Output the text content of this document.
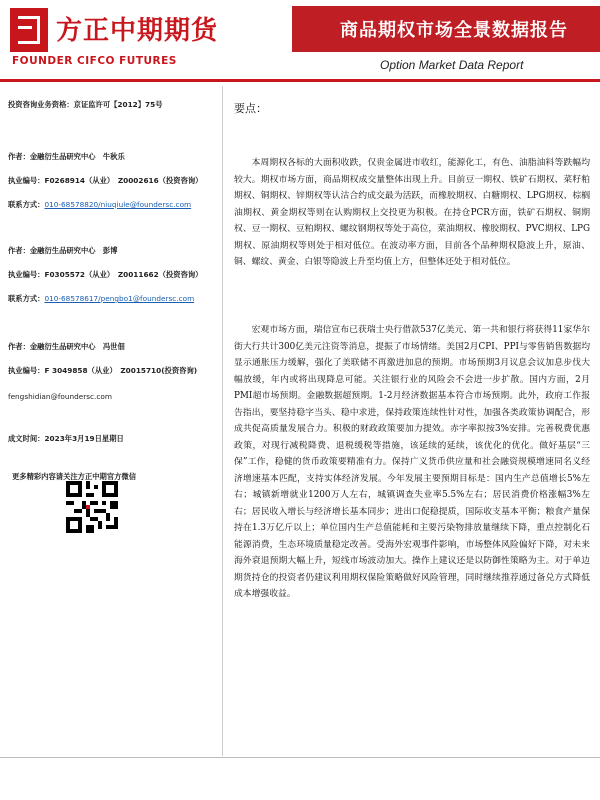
方正中期期货
FOUNDER CIFCO FUTURES
商品期权市场全景数据报告
Option Market Data Report
投资咨询业务资格：京证监许可【2012】75号
作者：金融衍生品研究中心　牛秋乐
执业编号：F0268914（从业）　Z0002616（投资咨询）
联系方式：010-68578820/niuqiule@foundersc.com
作者：金融衍生品研究中心　彭博
执业编号：F0305572（从业）　Z0011662（投资咨询）
联系方式：010-68578617/pengbo1@foundersc.com
作者：金融衍生品研究中心　冯世佃
执业编号：F 3049858（从业）　Z0015710(投资咨询)
fengshidian@foundersc.com
成文时间：2023年3月19日星期日
更多精彩内容请关注方正中期官方微信
要点：

本周期权各标的大面积收跌，仅贵金属进市收红，能源化工，有色、油脂油料等跌幅均较大。期权市场方面，商品期权成交量整体出现上升。目前豆一期权、铁矿石期权、菜籽粕期权、铜期权、锌期权等认沽合约成交最为活跃，而橡胶期权、白糖期权、LPG期权、棕榈油期权、黄金期权等则在认购期权上交投更为积极。在持仓PCR方面，铁矿石期权、铜期权、豆一期权、豆粕期权、螺纹钢期权等处于高位，菜油期权、橡胶期权、PVC期权、LPG期权、原油期权等则处于相对低位。在波动率方面，目前各个品种期权隐波上升，原油、铜、螺纹、黄金、白银等隐波上升至均值上方，但整体还处于相对低位。

宏观市场方面，瑞信宣布已获瑞士央行借款537亿美元、第一共和银行将获得11家华尔街大行共计300亿美元注资等消息，提振了市场情绪。美国2月CPI、PPI与零售销售数据均显示通胀压力缓解，强化了美联储不再激进加息的预期。市场预期3月议息会议加息步伐大幅放缓，年内或将出现降息可能。关注银行业的风险会不会进一步扩散。国内方面，2月PMI超市场预期。金融数据超预期。1-2月经济数据基本符合市场预期。此外，政府工作报告指出，要坚持稳字当头、稳中求进，保持政策连续性针对性，加强各类政策协调配合，形成共促高质量发展合力。积极的财政政策要加力提效。赤字率拟按3%安排。完善税费优惠政策，对现行减税降费、退税缓税等措施，该延续的延续，该优化的优化。做好基层“三保”工作，稳健的货币政策要精准有力。保持广义货币供应量和社会融资规模增速同名义经济增速基本匹配，支持实体经济发展。今年发展主要预期目标是：国内生产总值增长5%左右；城镇新增就业1200万人左右，城镇调查失业率5.5%左右；居民消费价格涨幅3%左右；居民收入增长与经济增长基本同步；进出口促稳提质，国际收支基本平衡；粮食产量保持在1.3万亿斤以上；单位国内生产总值能耗和主要污染物排放量继续下降，重点控制化石能源消费，生态环境质量稳定改善。受海外宏观事件影响，市场整体风险偏好下降，对未来海外衰退预期大幅上升，短线市场波动加大。操作上建议还是以防御性策略为主。对于单边期货持仓的投资者仍建议利用期权保险策略做好风险管理，同时继续推荐通过备兑方式降低成本增强收益。
